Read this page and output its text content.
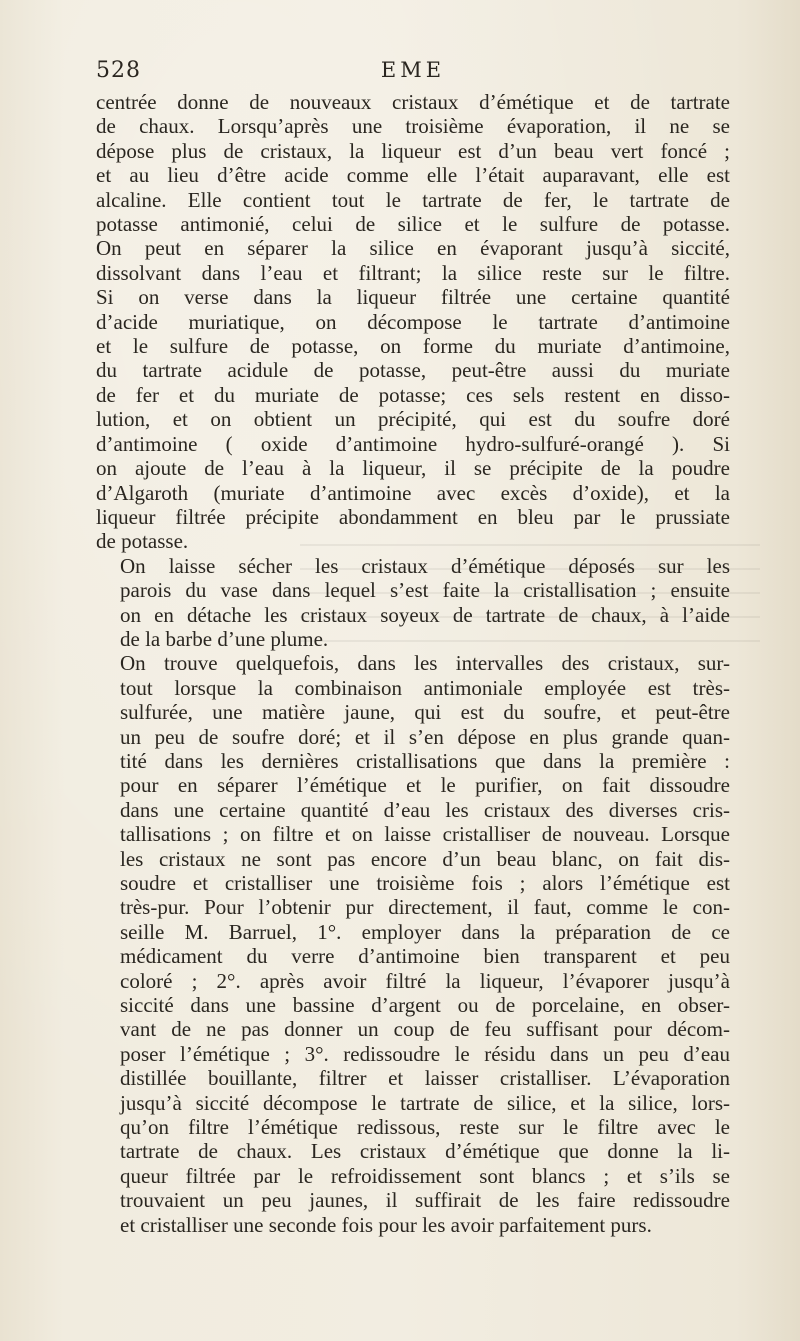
528	EME
centrée donne de nouveaux cristaux d’émétique et de tartrate
de chaux. Lorsqu’après une troisième évaporation, il ne se
dépose plus de cristaux, la liqueur est d’un beau vert foncé ;
et au lieu d’être acide comme elle l’était auparavant, elle est
alcaline. Elle contient tout le tartrate de fer, le tartrate de
potasse antimonié, celui de silice et le sulfure de potasse.
On peut en séparer la silice en évaporant jusqu’à siccité,
dissolvant dans l’eau et filtrant; la silice reste sur le filtre.
Si on verse dans la liqueur filtrée une certaine quantité
d’acide muriatique, on décompose le tartrate d’antimoine
et le sulfure de potasse, on forme du muriate d’antimoine,
du tartrate acidule de potasse, peut-être aussi du muriate
de fer et du muriate de potasse; ces sels restent en disso-
lution, et on obtient un précipité, qui est du soufre doré
d’antimoine ( oxide d’antimoine hydro-sulfuré-orangé ). Si
on ajoute de l’eau à la liqueur, il se précipite de la poudre
d’Algaroth (muriate d’antimoine avec excès d’oxide), et la
liqueur filtrée précipite abondamment en bleu par le prussiate
de potasse.
On laisse sécher les cristaux d’émétique déposés sur les
parois du vase dans lequel s’est faite la cristallisation ; ensuite
on en détache les cristaux soyeux de tartrate de chaux, à l’aide
de la barbe d’une plume.
On trouve quelquefois, dans les intervalles des cristaux, sur-
tout lorsque la combinaison antimoniale employée est très-
sulfurée, une matière jaune, qui est du soufre, et peut-être
un peu de soufre doré; et il s’en dépose en plus grande quan-
tité dans les dernières cristallisations que dans la première :
pour en séparer l’émétique et le purifier, on fait dissoudre
dans une certaine quantité d’eau les cristaux des diverses cris-
tallisations ; on filtre et on laisse cristalliser de nouveau. Lorsque
les cristaux ne sont pas encore d’un beau blanc, on fait dis-
soudre et cristalliser une troisième fois ; alors l’émétique est
très-pur. Pour l’obtenir pur directement, il faut, comme le con-
seille M. Barruel, 1°. employer dans la préparation de ce
médicament du verre d’antimoine bien transparent et peu
coloré ; 2°. après avoir filtré la liqueur, l’évaporer jusqu’à
siccité dans une bassine d’argent ou de porcelaine, en obser-
vant de ne pas donner un coup de feu suffisant pour décom-
poser l’émétique ; 3°. redissoudre le résidu dans un peu d’eau
distillée bouillante, filtrer et laisser cristalliser. L’évaporation
jusqu’à siccité décompose le tartrate de silice, et la silice, lors-
qu’on filtre l’émétique redissous, reste sur le filtre avec le
tartrate de chaux. Les cristaux d’émétique que donne la li-
queur filtrée par le refroidissement sont blancs ; et s’ils se
trouvaient un peu jaunes, il suffirait de les faire redissoudre
et cristalliser une seconde fois pour les avoir parfaitement purs.
